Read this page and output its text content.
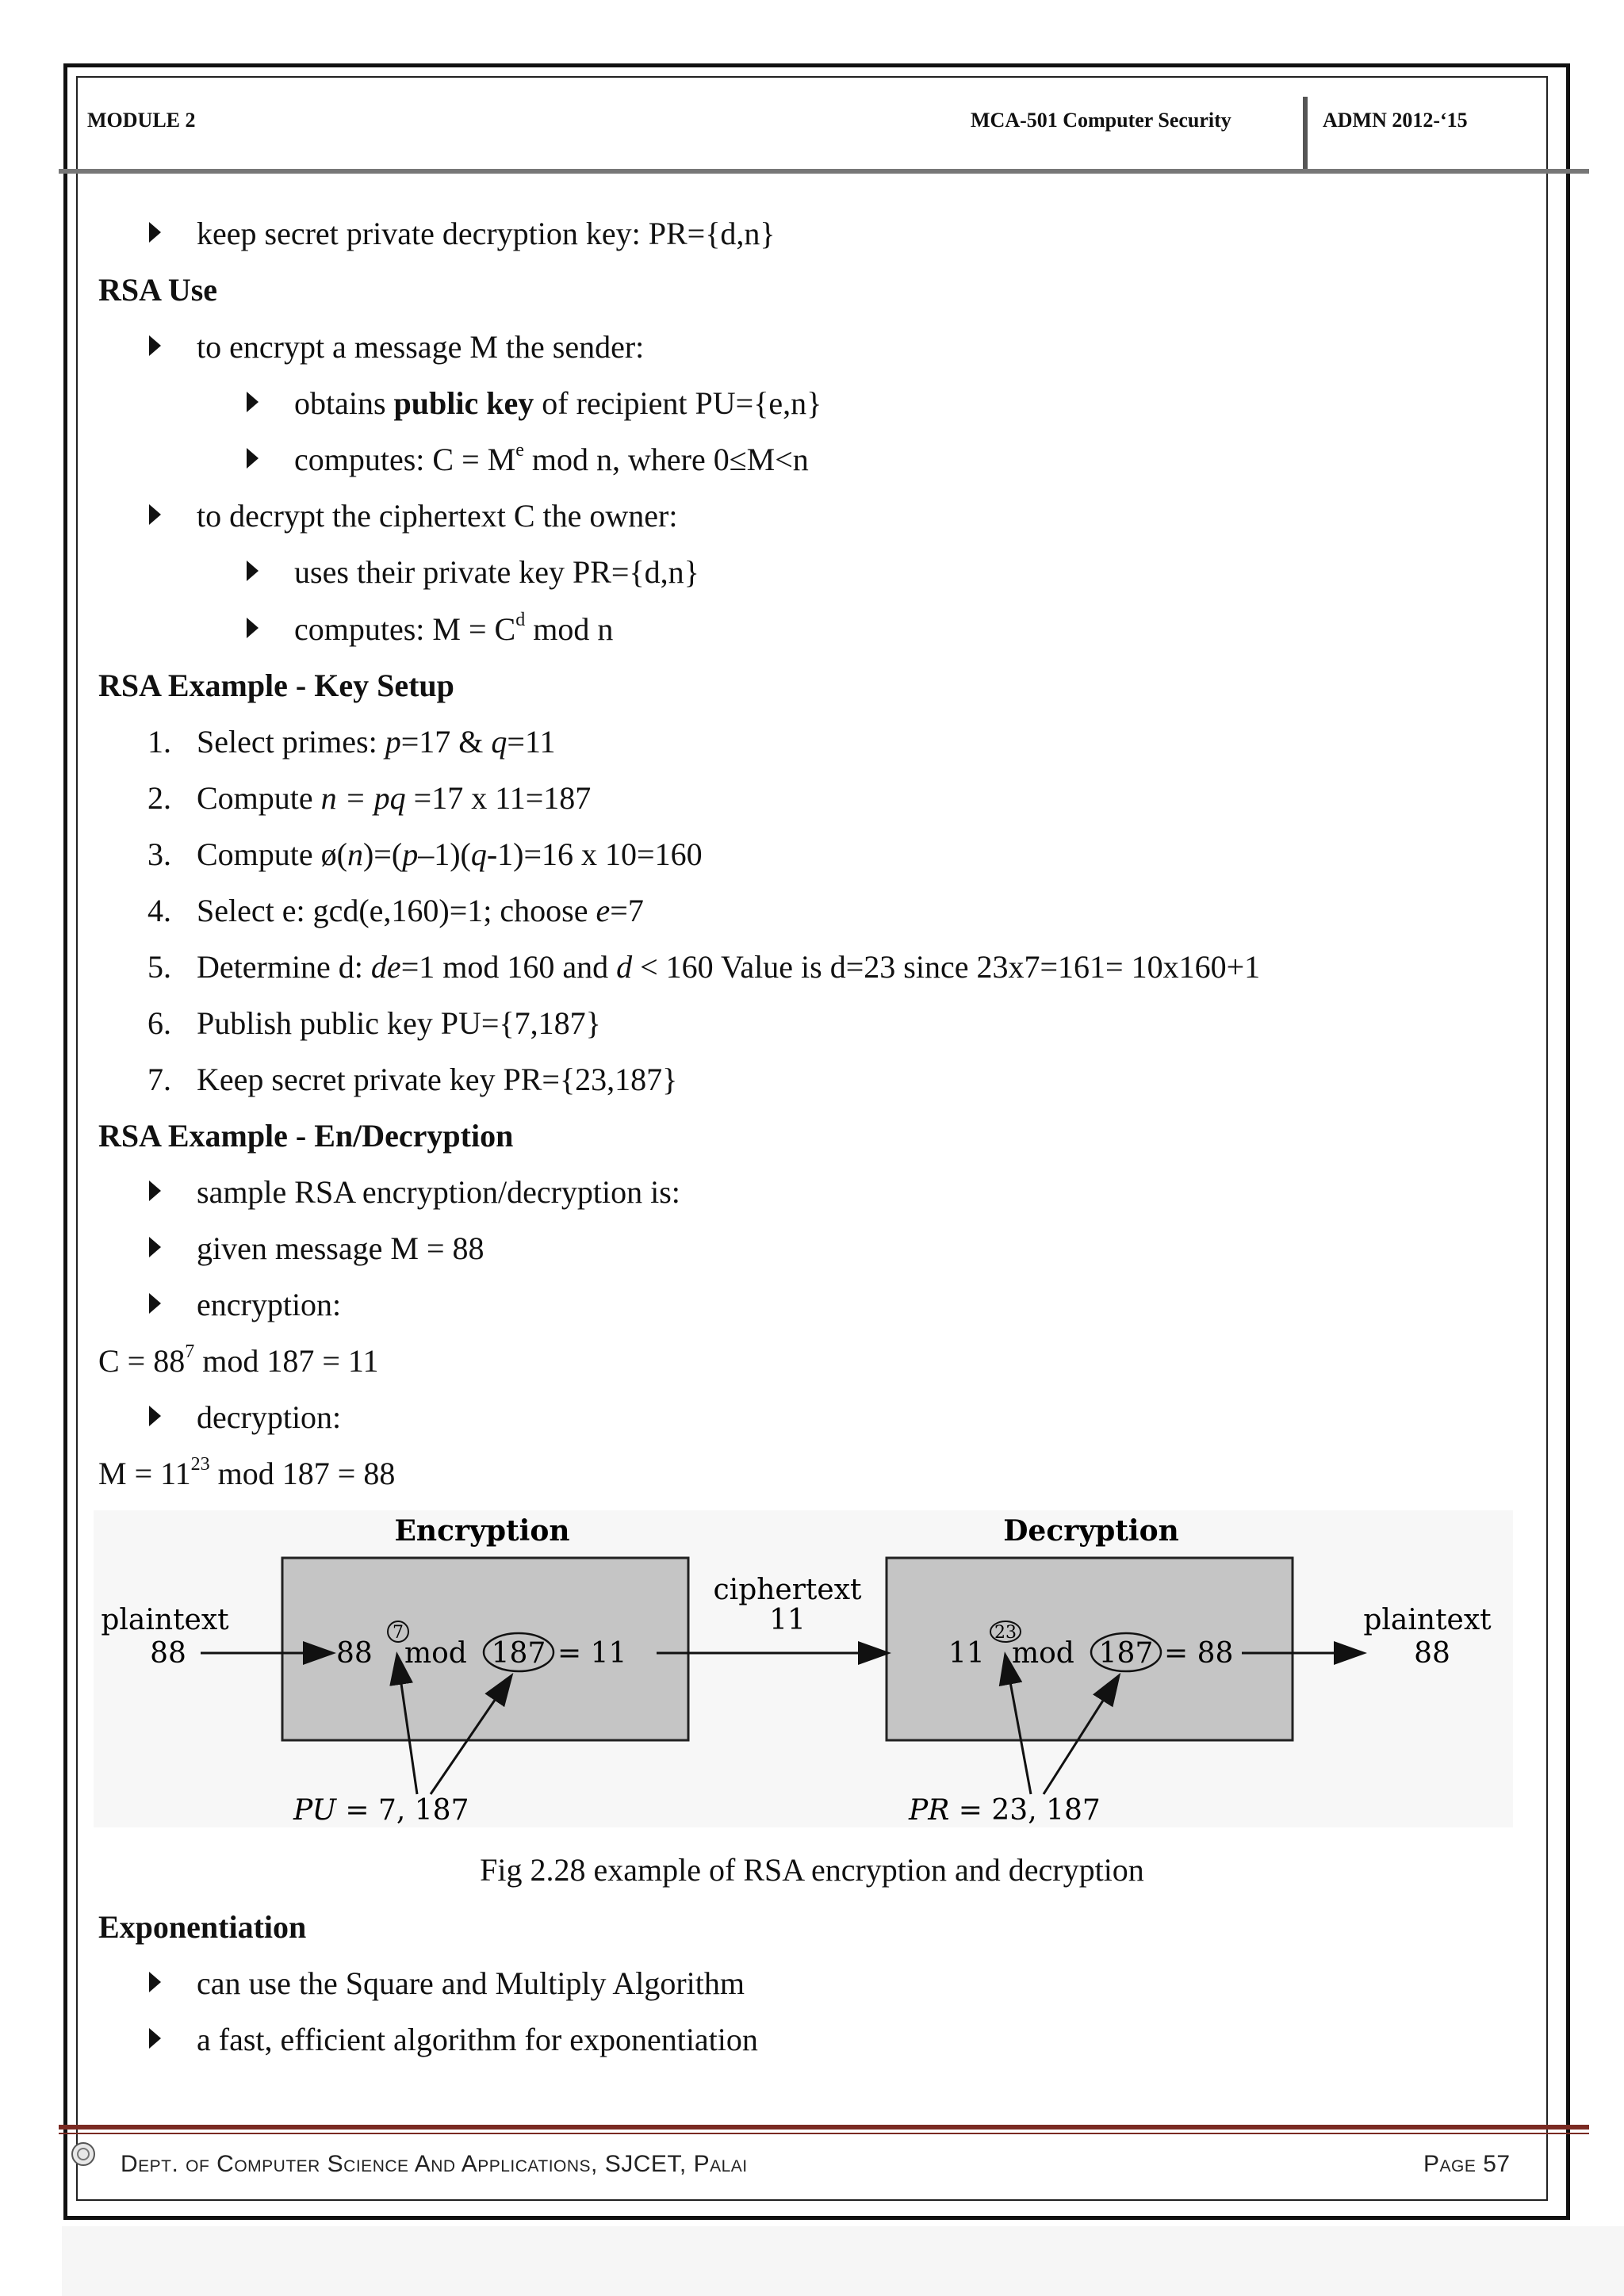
MODULE 2	MCA-501 Computer Security	ADMN 2012-‘15
keep secret private decryption key: PR={d,n}
RSA Use
to encrypt a message M the sender:
obtains public key of recipient PU={e,n}
computes: $C = M^e$ mod n, where 0≤M<n
to decrypt the ciphertext C the owner:
uses their private key PR={d,n}
computes: $M = C^d$ mod n
RSA Example - Key Setup
1. Select primes: p=17 & q=11
2. Compute n = pq =17 x 11=187
3. Compute ø(n)=(p–1)(q-1)=16 x 10=160
4. Select e: gcd(e,160)=1; choose e=7
5. Determine d: de=1 mod 160 and d < 160 Value is d=23 since 23x7=161= 10x160+1
6. Publish public key PU={7,187}
7. Keep secret private key PR={23,187}
RSA Example - En/Decryption
sample RSA encryption/decryption is:
given message M = 88
encryption:
$C = 88^7$ mod 187 = 11
decryption:
$M = 11^{23}$ mod 187 = 88
Encryption	Decryption
plaintext
88	88
7
mod 187 = 11
ciphertext
11
11
23
mod 187 = 88
plaintext
88
PU = 7, 187	PR = 23, 187
Fig 2.28 example of RSA encryption and decryption
Exponentiation
can use the Square and Multiply Algorithm
a fast, efficient algorithm for exponentiation
Dept. of Computer Science And Applications, SJCET, Palai	Page 57
